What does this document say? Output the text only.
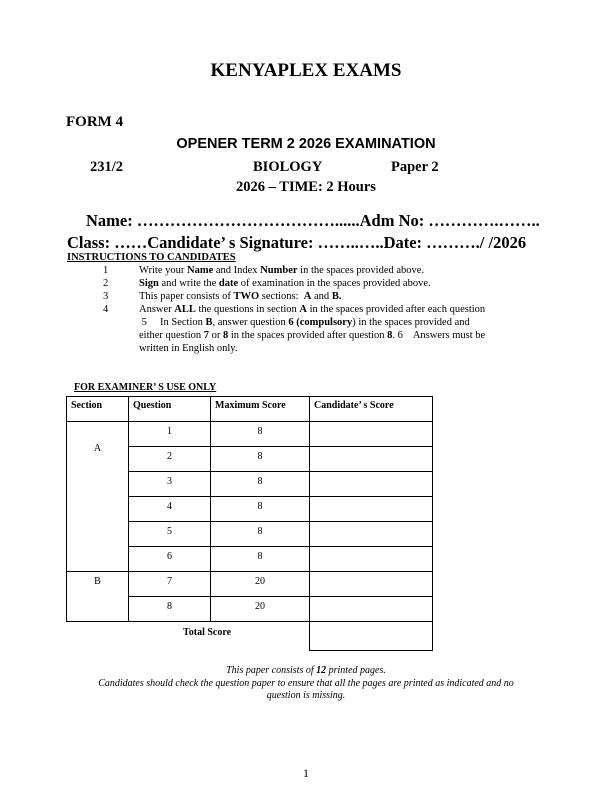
KENYAPLEX EXAMS
FORM 4
OPENER TERM 2 2026 EXAMINATION
231/2	BIOLOGY	Paper 2
2026 – TIME: 2 Hours
Name: ………………………………......Adm No: ………….……..
Class: ……Candidate’ s Signature: ……..…..Date: ………./ /2026
INSTRUCTIONS TO CANDIDATES
1	Write your Name and Index Number in the spaces provided above.
2	Sign and write the date of examination in the spaces provided above.
3	This paper consists of TWO sections:  A and B.
4	Answer ALL the questions in section A in the spaces provided after each question
5     In Section B, answer question 6 (compulsory) in the spaces provided and
either question 7 or 8 in the spaces provided after question 8. 6    Answers must be
written in English only.
FOR EXAMINER’ S USE ONLY
Section	Question	Maximum Score	Candidate’ s Score
A	1	8	
	2	8	
	3	8	
	4	8	
	5	8	
	6	8	
B	7	20	
	8	20	
Total Score
This paper consists of 12 printed pages.
Candidates should check the question paper to ensure that all the pages are printed as indicated and no
question is missing.
1
